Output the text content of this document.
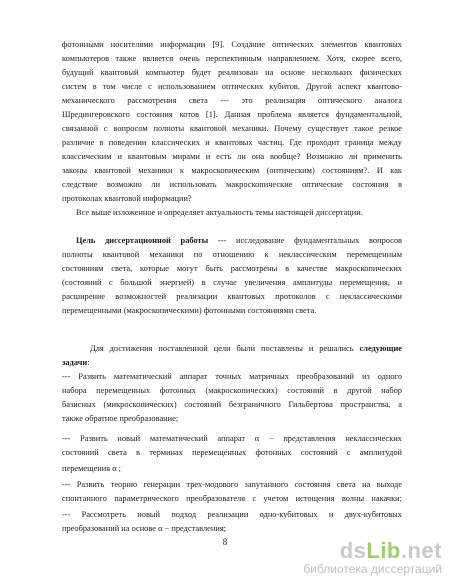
фотонными носителями информации [9]. Создание оптических элементов квантовых
компьютеров также является очень перспективным направлением. Хотя, скорее всего,
будущий квантовый компьютер будет реализован на основе нескольких физических
систем в том числе с использованием оптических кубитов. Другой аспект квантово-
механического рассмотрения света --- это реализация оптического аналога
Шредингеровского состояния котов [1]. Данная проблема является фундаментальной,
связанной с вопросом полноты квантовой механики. Почему существует такое резкое
различие в поведении классических и квантовых частиц. Где проходит граница между
классическим и квантовым мирами и есть ли она вообще? Возможно ли применить
законы квантовой механики к макроскопическим (оптическим) состояниям?. И как
следствие возможно ли использовать макроскопические оптические состояния в
протоколах квантовой информации?
Все выше изложенное и определяет актуальность темы настоящей диссертации.
Цель диссертационной работы --- исследование фундаментальных вопросов
полноты квантовой механики по отношению к неклассическим перемещенным
состояниям света, которые могут быть рассмотрены в качестве макроскопических
(состояний с большой энергией) в случае увеличения амплитуды перемещения, и
расширение возможностей реализации квантовых протоколов с неклассическими
перемещенными (макроскопическими) фотонными состояниями света.
Для достижения поставленной цели были поставлены и решались следующие
задачи:
--- Развить математический аппарат точных матричных преобразований из одного
набора перемещенных фотонных (макроскопических) состояний в другой набор
базисных (микроскопических) состояний безграничного Гильбертова пространства, а
также обратное преобразование;
--- Развить новый математический аппарат α − представления неклассических
состояний света в терминах перемещенных фотонных состояний с амплитудой
перемещения α ;
--- Развить теорию генерации трех-модового запутанного состояния света на выходе
спонтанного параметрического преобразователя с учетом истощения волны накачки;
--- Рассмотреть новый подход реализации одно-кубитовых и двух-кубитовых
преобразований на основе α − представления;
8	dsLib.net
библиотека диссертаций
